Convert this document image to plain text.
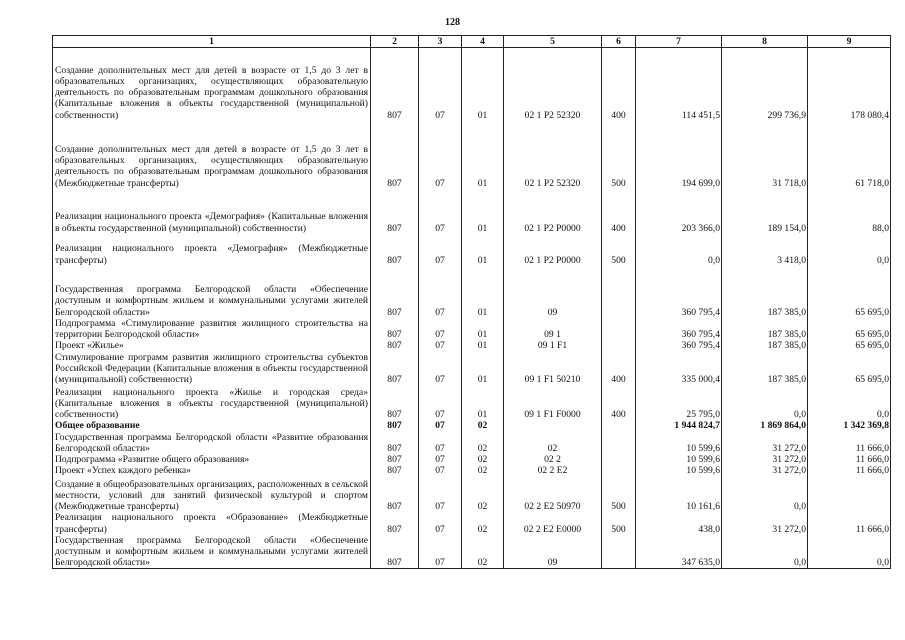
128
1	2	3	4	5	6	7	8	9
Создание дополнительных мест для детей в возрасте от 1,5 до 3 лет в образовательных организациях, осуществляющих образовательную деятельность по образовательным программам дошкольного образования (Капитальные вложения в объекты государственной (муниципальной) собственности)	807	07	01	02 1 P2 52320	400	114 451,5	299 736,9	178 080,4
Создание дополнительных мест для детей в возрасте от 1,5 до 3 лет в образовательных организациях, осуществляющих образовательную деятельность по образовательным программам дошкольного образования (Межбюджетные трансферты)	807	07	01	02 1 P2 52320	500	194 699,0	31 718,0	61 718,0
Реализация национального проекта «Демография» (Капитальные вложения в объекты государственной (муниципальной) собственности)	807	07	01	02 1 P2 P0000	400	203 366,0	189 154,0	88,0
Реализация национального проекта «Демография» (Межбюджетные трансферты)	807	07	01	02 1 P2 P0000	500	0,0	3 418,0	0,0
Государственная программа Белгородской области «Обеспечение доступным и комфортным жильем и коммунальными услугами жителей Белгородской области»	807	07	01	09		360 795,4	187 385,0	65 695,0
Подпрограмма «Стимулирование развития жилищного строительства на территории Белгородской области»	807	07	01	09 1		360 795,4	187 385,0	65 695,0
Проект «Жилье»	807	07	01	09 1 F1		360 795,4	187 385,0	65 695,0
Стимулирование программ развития жилищного строительства субъектов Российской Федерации (Капитальные вложения в объекты государственной (муниципальной) собственности)	807	07	01	09 1 F1 50210	400	335 000,4	187 385,0	65 695,0
Реализация национального проекта «Жилье и городская среда» (Капитальные вложения в объекты государственной (муниципальной) собственности)	807	07	01	09 1 F1 F0000	400	25 795,0	0,0	0,0
Общее образование	807	07	02			1 944 824,7	1 869 864,0	1 342 369,8
Государственная программа Белгородской области «Развитие образования Белгородской области»	807	07	02	02		10 599,6	31 272,0	11 666,0
Подпрограмма «Развитие общего образования»	807	07	02	02 2		10 599,6	31 272,0	11 666,0
Проект «Успех каждого ребенка»	807	07	02	02 2 E2		10 599,6	31 272,0	11 666,0
Создание в общеобразовательных организациях, расположенных в сельской местности, условий для занятий физической культурой и спортом (Межбюджетные трансферты)	807	07	02	02 2 E2 50970	500	10 161,6	0,0	
Реализация национального проекта «Образование» (Межбюджетные трансферты)	807	07	02	02 2 E2 E0000	500	438,0	31 272,0	11 666,0
Государственная программа Белгородской области «Обеспечение доступным и комфортным жильем и коммунальными услугами жителей Белгородской области»	807	07	02	09		347 635,0	0,0	0,0
